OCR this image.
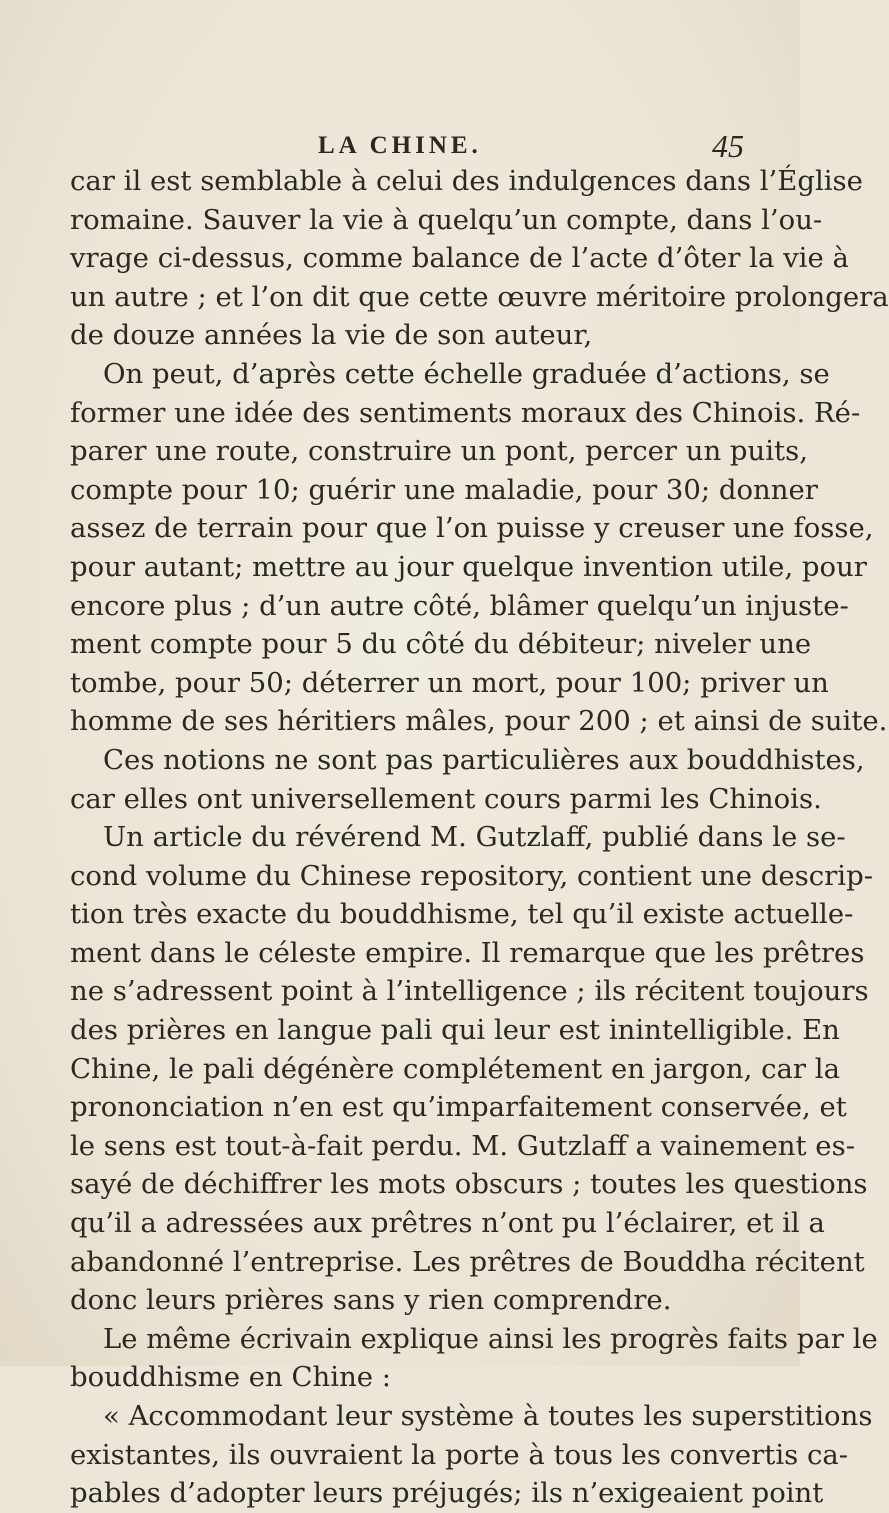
LA CHINE.	45
car il est semblable à celui des indulgences dans l’Église
romaine. Sauver la vie à quelqu’un compte, dans l’ou-
vrage ci-dessus, comme balance de l’acte d’ôter la vie à
un autre ; et l’on dit que cette œuvre méritoire prolongera
de douze années la vie de son auteur,
On peut, d’après cette échelle graduée d’actions, se
former une idée des sentiments moraux des Chinois. Ré-
parer une route, construire un pont, percer un puits,
compte pour 10; guérir une maladie, pour 30; donner
assez de terrain pour que l’on puisse y creuser une fosse,
pour autant; mettre au jour quelque invention utile, pour
encore plus ; d’un autre côté, blâmer quelqu’un injuste-
ment compte pour 5 du côté du débiteur; niveler une
tombe, pour 50; déterrer un mort, pour 100; priver un
homme de ses héritiers mâles, pour 200 ; et ainsi de suite.
Ces notions ne sont pas particulières aux bouddhistes,
car elles ont universellement cours parmi les Chinois.
Un article du révérend M. Gutzlaff, publié dans le se-
cond volume du Chinese repository, contient une descrip-
tion très exacte du bouddhisme, tel qu’il existe actuelle-
ment dans le céleste empire. Il remarque que les prêtres
ne s’adressent point à l’intelligence ; ils récitent toujours
des prières en langue pali qui leur est inintelligible. En
Chine, le pali dégénère complétement en jargon, car la
prononciation n’en est qu’imparfaitement conservée, et
le sens est tout-à-fait perdu. M. Gutzlaff a vainement es-
sayé de déchiffrer les mots obscurs ; toutes les questions
qu’il a adressées aux prêtres n’ont pu l’éclairer, et il a
abandonné l’entreprise. Les prêtres de Bouddha récitent
donc leurs prières sans y rien comprendre.
Le même écrivain explique ainsi les progrès faits par le
bouddhisme en Chine :
« Accommodant leur système à toutes les superstitions
existantes, ils ouvraient la porte à tous les convertis ca-
pables d’adopter leurs préjugés; ils n’exigeaient point
